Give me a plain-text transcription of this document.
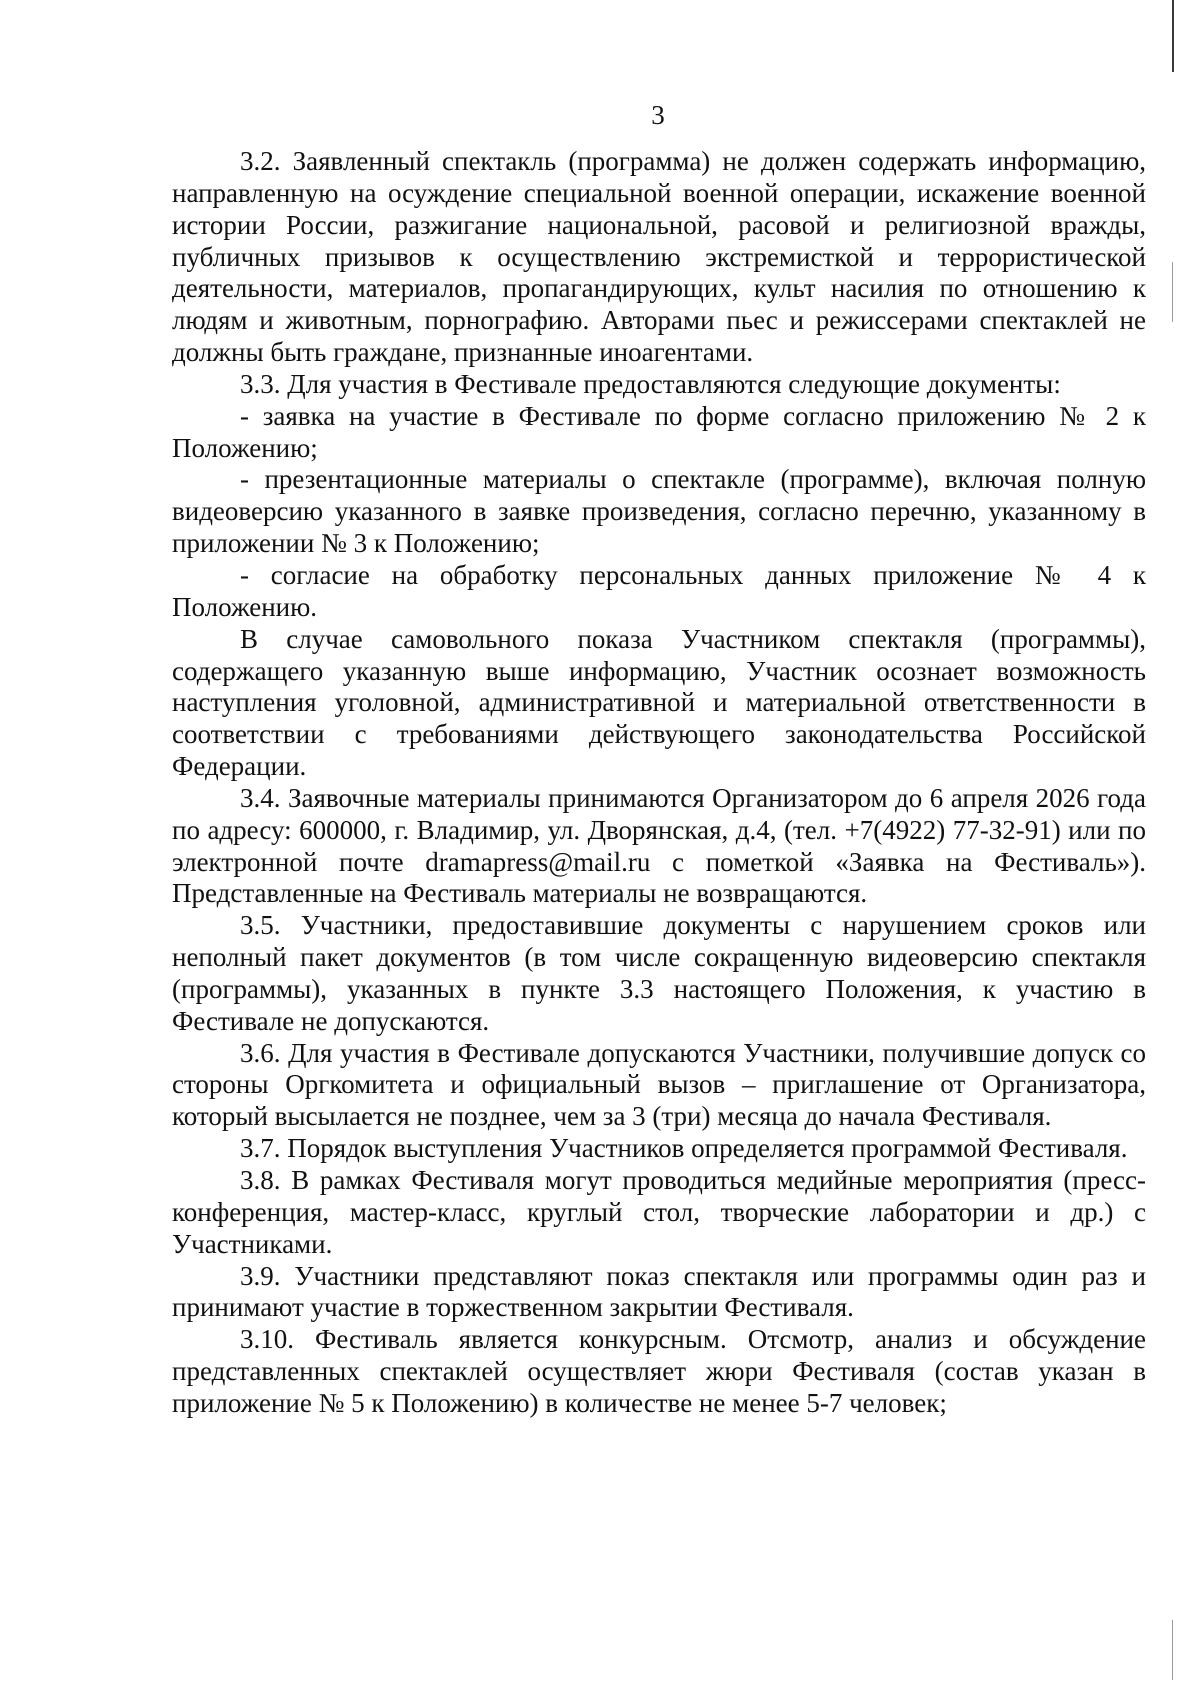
3

3.2. Заявленный спектакль (программа) не должен содержать информацию, направленную на осуждение специальной военной операции, искажение военной истории России, разжигание национальной, расовой и религиозной вражды, публичных призывов к осуществлению экстремисткой и террористической деятельности, материалов, пропагандирующих, культ насилия по отношению к людям и животным, порнографию. Авторами пьес и режиссерами спектаклей не должны быть граждане, признанные иноагентами.

3.3. Для участия в Фестивале предоставляются следующие документы:

- заявка на участие в Фестивале по форме согласно приложению № 2 к Положению;

- презентационные материалы о спектакле (программе), включая полную видеоверсию указанного в заявке произведения, согласно перечню, указанному в приложении № 3 к Положению;

- согласие на обработку персональных данных приложение № 4 к Положению.

В случае самовольного показа Участником спектакля (программы), содержащего указанную выше информацию, Участник осознает возможность наступления уголовной, административной и материальной ответственности в соответствии с требованиями действующего законодательства Российской Федерации.

3.4. Заявочные материалы принимаются Организатором до 6 апреля 2026 года по адресу: 600000, г. Владимир, ул. Дворянская, д.4, (тел. +7(4922) 77-32-91) или по электронной почте dramapress@mail.ru с пометкой «Заявка на Фестиваль»). Представленные на Фестиваль материалы не возвращаются.

3.5. Участники, предоставившие документы с нарушением сроков или неполный пакет документов (в том числе сокращенную видеоверсию спектакля (программы), указанных в пункте 3.3 настоящего Положения, к участию в Фестивале не допускаются.

3.6. Для участия в Фестивале допускаются Участники, получившие допуск со стороны Оргкомитета и официальный вызов – приглашение от Организатора, который высылается не позднее, чем за 3 (три) месяца до начала Фестиваля.

3.7. Порядок выступления Участников определяется программой Фестиваля.

3.8. В рамках Фестиваля могут проводиться медийные мероприятия (пресс-конференция, мастер-класс, круглый стол, творческие лаборатории и др.) с Участниками.

3.9. Участники представляют показ спектакля или программы один раз и принимают участие в торжественном закрытии Фестиваля.

3.10. Фестиваль является конкурсным. Отсмотр, анализ и обсуждение представленных спектаклей осуществляет жюри Фестиваля (состав указан в приложение № 5 к Положению) в количестве не менее 5-7 человек;
